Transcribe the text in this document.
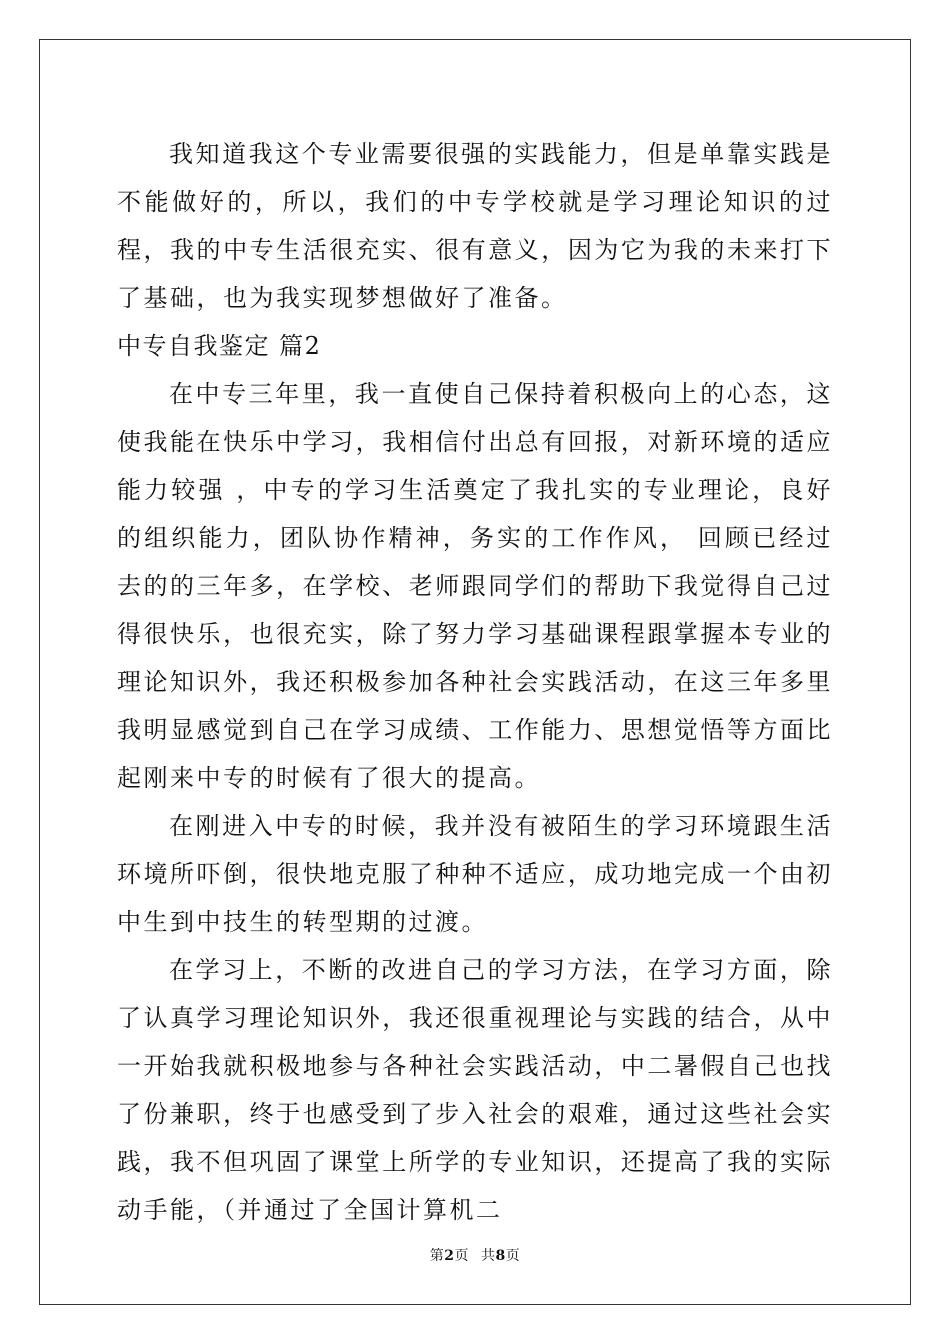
我知道我这个专业需要很强的实践能力，但是单靠实践是不能做好的，所以，我们的中专学校就是学习理论知识的过程，我的中专生活很充实、很有意义，因为它为我的未来打下了基础，也为我实现梦想做好了准备。

中专自我鉴定 篇2

在中专三年里，我一直使自己保持着积极向上的心态，这使我能在快乐中学习，我相信付出总有回报，对新环境的适应能力较强 ，中专的学习生活奠定了我扎实的专业理论，良好的组织能力，团队协作精神，务实的工作作风， 回顾已经过去的的三年多，在学校、老师跟同学们的帮助下我觉得自己过得很快乐，也很充实，除了努力学习基础课程跟掌握本专业的理论知识外，我还积极参加各种社会实践活动，在这三年多里我明显感觉到自己在学习成绩、工作能力、思想觉悟等方面比起刚来中专的时候有了很大的提高。

在刚进入中专的时候，我并没有被陌生的学习环境跟生活环境所吓倒，很快地克服了种种不适应，成功地完成一个由初中生到中技生的转型期的过渡。

在学习上，不断的改进自己的学习方法，在学习方面，除了认真学习理论知识外，我还很重视理论与实践的结合，从中一开始我就积极地参与各种社会实践活动，中二暑假自己也找了份兼职，终于也感受到了步入社会的艰难，通过这些社会实践，我不但巩固了课堂上所学的专业知识，还提高了我的实际动手能，（并通过了全国计算机二

第2页 共8页
